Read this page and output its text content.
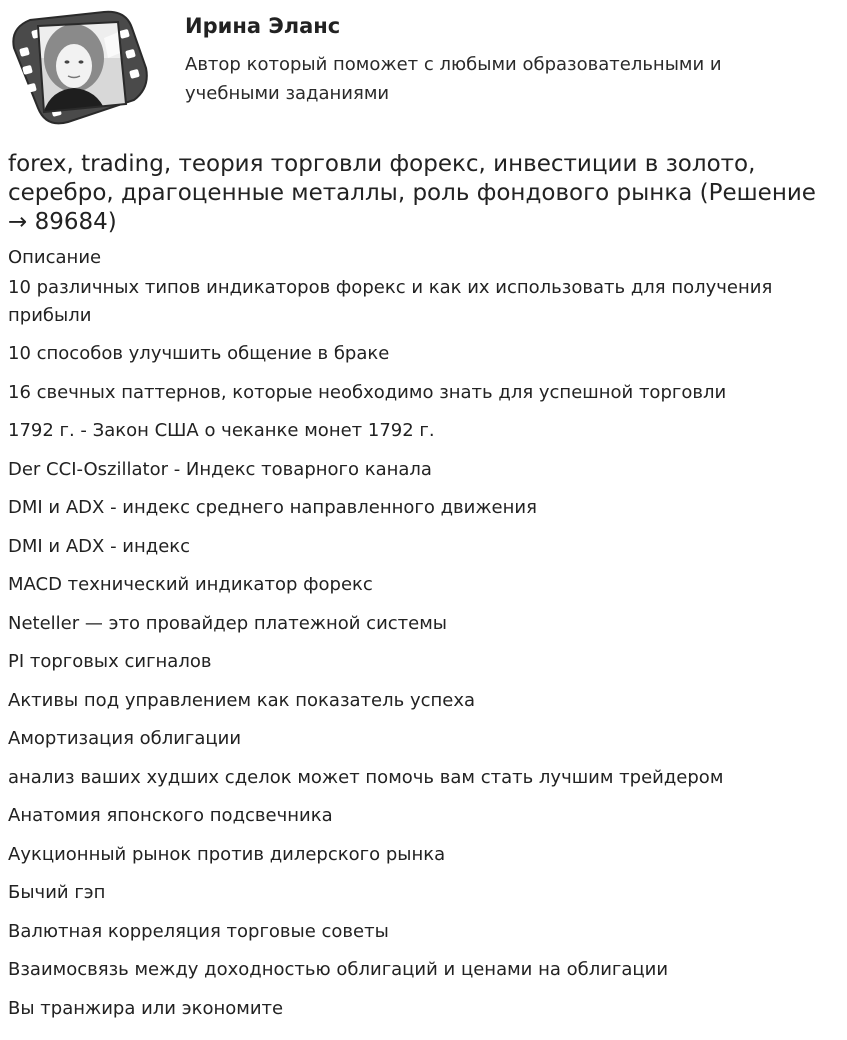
Ирина Эланс

Автор который поможет с любыми образовательными и учебными заданиями

forex, trading, теория торговли форекс, инвестиции в золото, серебро, драгоценные металлы, роль фондового рынка (Решение → 89684)
Описание
10 различных типов индикаторов форекс и как их использовать для получения прибыли
10 способов улучшить общение в браке
16 свечных паттернов, которые необходимо знать для успешной торговли
1792 г. - Закон США о чеканке монет 1792 г.
Der CCI-Oszillator - Индекс товарного канала
DMI и ADX - индекс среднего направленного движения
DMI и ADX - индекс
MACD технический индикатор форекс
Neteller — это провайдер платежной системы
PI торговых сигналов
Активы под управлением как показатель успеха
Амортизация облигации
анализ ваших худших сделок может помочь вам стать лучшим трейдером
Анатомия японского подсвечника
Аукционный рынок против дилерского рынка
Бычий гэп
Валютная корреляция торговые советы
Взаимосвязь между доходностью облигаций и ценами на облигации
Вы транжира или экономите
